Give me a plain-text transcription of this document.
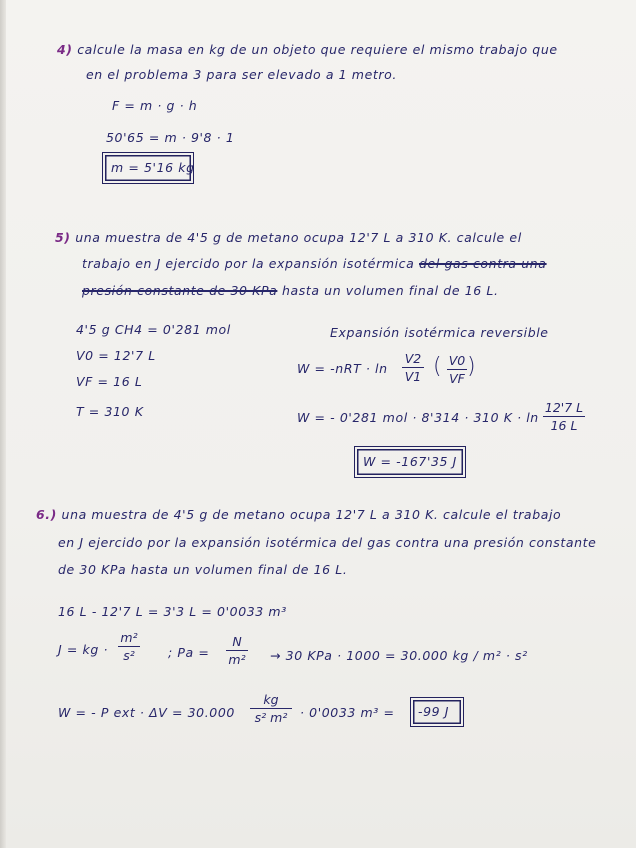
4) calcule la masa en kg de un objeto que requiere el mismo trabajo que
en el problema 3 para ser elevado a 1 metro.
F = m · g · h
50'65 = m · 9'8 · 1
m = 5'16 kg
5) una muestra de 4'5 g de metano ocupa 12'7 L a 310 K. calcule el
trabajo en J ejercido por la expansión isotérmica del gas contra una
presión constante de 30 KPa hasta un volumen final de 16 L.
4'5 g CH4 = 0'281 mol
V0 = 12'7 L
VF = 16 L
T = 310 K
Expansión isotérmica reversible
W = -nRT · ln
V2
V1 ( V0
VF )
W = - 0'281 mol · 8'314 · 310 K · ln
12'7 L
16 L
W = -167'35 J
6.) una muestra de 4'5 g de metano ocupa 12'7 L a 310 K. calcule el trabajo
en J ejercido por la expansión isotérmica del gas contra una presión constante
de 30 KPa hasta un volumen final de 16 L.
16 L - 12'7 L = 3'3 L = 0'0033 m³
J = kg ·
m²
s²	; Pa =
N
m² → 30 KPa · 1000 = 30.000 kg / m² · s²
W = - P ext · ΔV = 30.000
kg
s² m²	· 0'0033 m³ = -99 J
